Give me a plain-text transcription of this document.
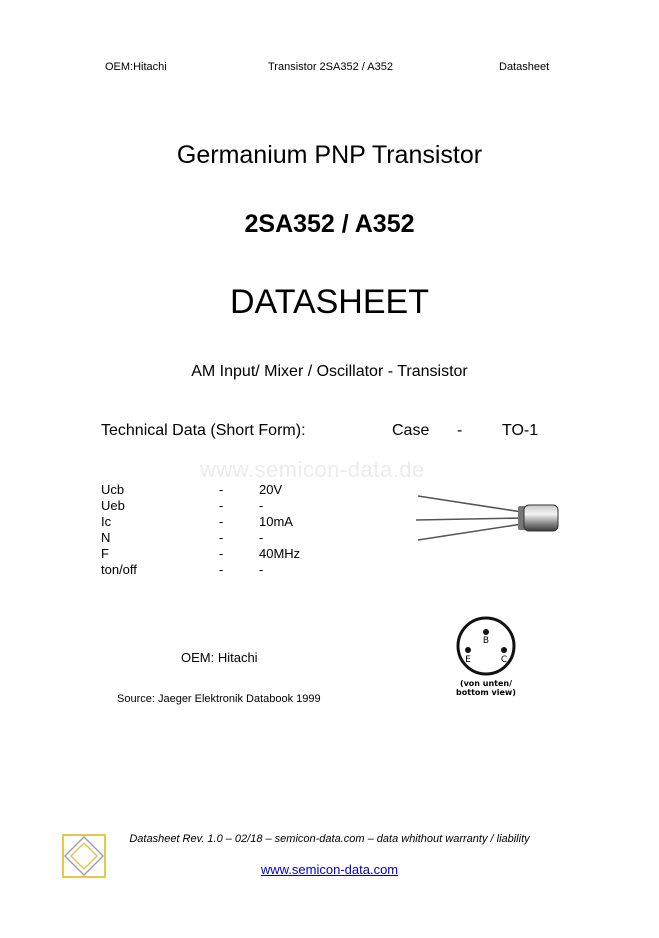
OEM:Hitachi	Transistor 2SA352 / A352	Datasheet
Germanium PNP Transistor
2SA352 / A352
DATASHEET
AM Input/ Mixer / Oscillator - Transistor
Technical Data (Short Form):	Case - TO-1
www.semicon-data.de
Ucb	-	20V
Ueb	-	-
Ic	-	10mA
N	-	-
F	-	40MHz
ton/off	-	-
B
E	C
(von unten/
bottom view)
OEM: Hitachi
Source: Jaeger Elektronik Databook 1999
Datasheet Rev. 1.0 – 02/18 – semicon-data.com – data whithout warranty / liability
www.semicon-data.com
